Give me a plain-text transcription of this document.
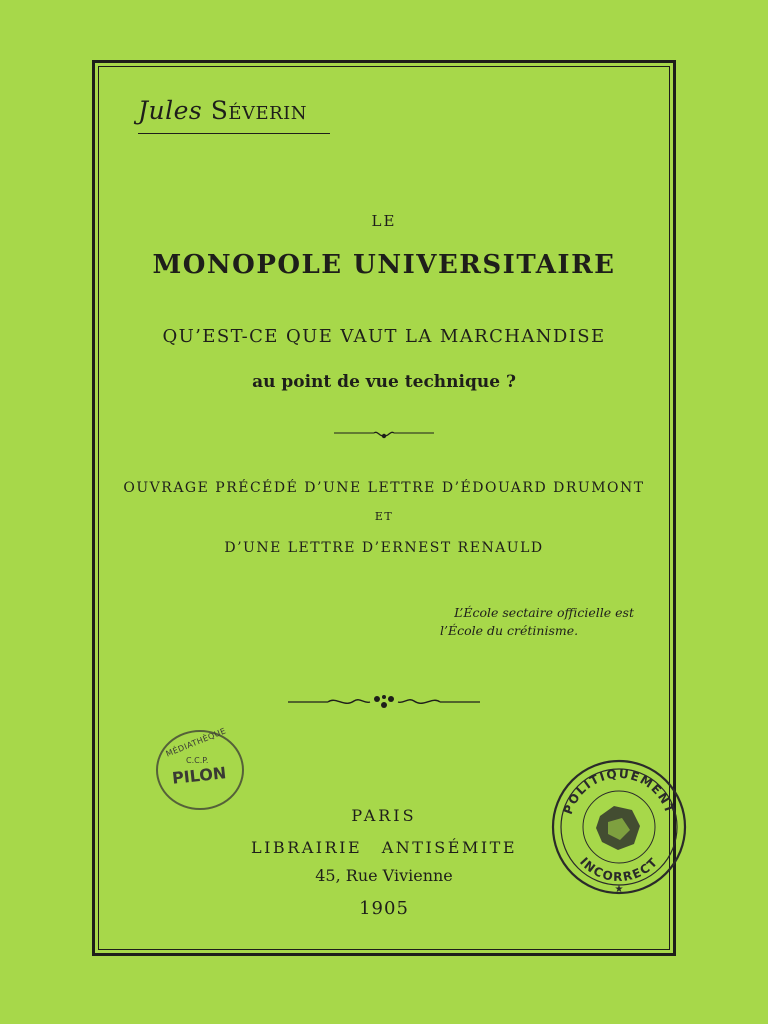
Jules Séverin
LE
MONOPOLE UNIVERSITAIRE
QU’EST-CE QUE VAUT LA MARCHANDISE
au point de vue technique ?
OUVRAGE PRÉCÉDÉ D’UNE LETTRE D’ÉDOUARD DRUMONT
ET
D’UNE LETTRE D’ERNEST RENAULD
L’École sectaire officielle est
l’École du crétinisme.
MÉDIATHÈQUE
C.C.P.
PILON
PARIS
LIBRAIRIE ANTISÉMITE
45, Rue Vivienne
1905
POLITIQUEMENT
INCORRECT
★
